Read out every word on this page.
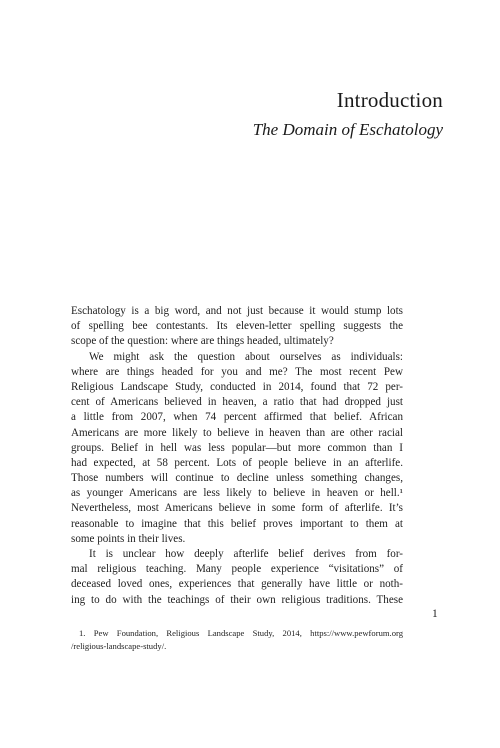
Introduction
The Domain of Eschatology
Eschatology is a big word, and not just because it would stump lots
of spelling bee contestants. Its eleven-letter spelling suggests the
scope of the question: where are things headed, ultimately?
We might ask the question about ourselves as individuals:
where are things headed for you and me? The most recent Pew
Religious Landscape Study, conducted in 2014, found that 72 per-
cent of Americans believed in heaven, a ratio that had dropped just
a little from 2007, when 74 percent affirmed that belief. African
Americans are more likely to believe in heaven than are other racial
groups. Belief in hell was less popular—but more common than I
had expected, at 58 percent. Lots of people believe in an afterlife.
Those numbers will continue to decline unless something changes,
as younger Americans are less likely to believe in heaven or hell.¹
Nevertheless, most Americans believe in some form of afterlife. It’s
reasonable to imagine that this belief proves important to them at
some points in their lives.
It is unclear how deeply afterlife belief derives from for-
mal religious teaching. Many people experience “visitations” of
deceased loved ones, experiences that generally have little or noth-
ing to do with the teachings of their own religious traditions. These
1
1. Pew Foundation, Religious Landscape Study, 2014, https://www.pewforum.org
/religious-landscape-study/.
